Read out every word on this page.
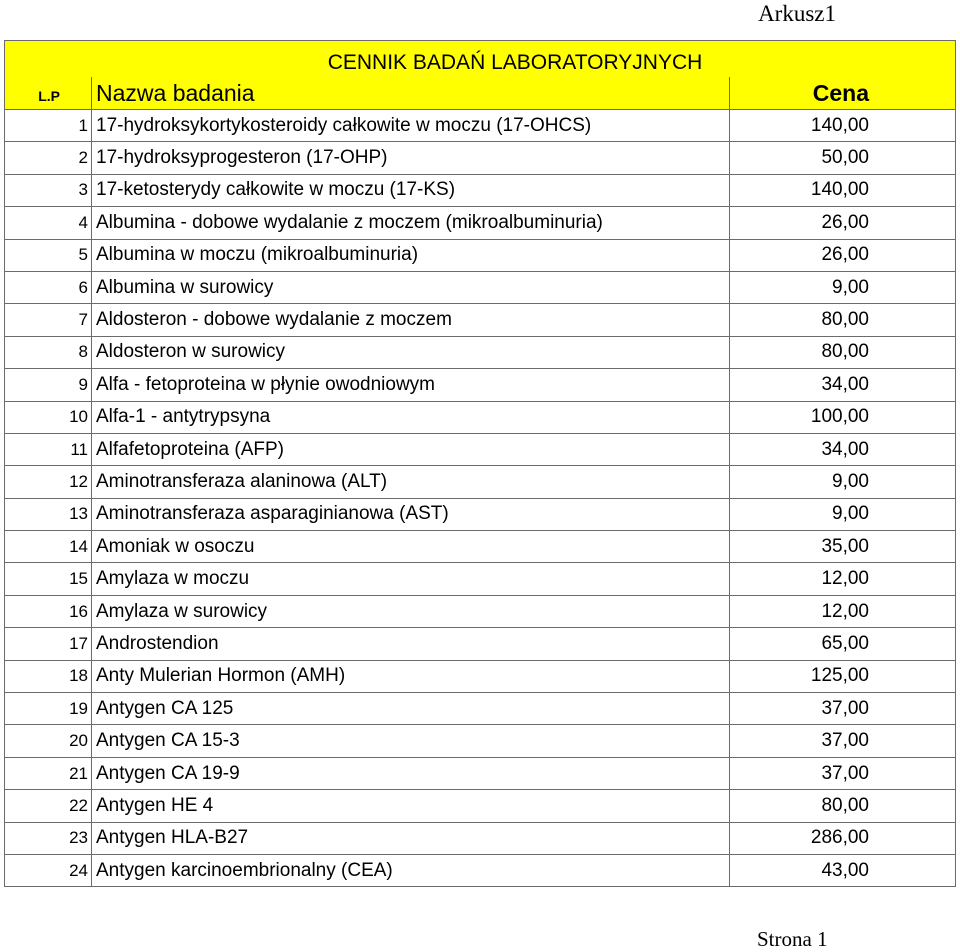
Arkusz1
CENNIK BADAŃ LABORATORYJNYCH
L.P	Nazwa badania	Cena
1 17-hydroksykortykosteroidy całkowite w moczu (17-OHCS)	140,00
2 17-hydroksyprogesteron (17-OHP)	50,00
3 17-ketosterydy całkowite w moczu (17-KS)	140,00
4 Albumina - dobowe wydalanie z moczem (mikroalbuminuria)	26,00
5 Albumina w moczu (mikroalbuminuria)	26,00
6 Albumina w surowicy	9,00
7 Aldosteron - dobowe wydalanie z moczem	80,00
8 Aldosteron w surowicy	80,00
9 Alfa - fetoproteina w płynie owodniowym	34,00
10 Alfa-1 - antytrypsyna	100,00
11 Alfafetoproteina (AFP)	34,00
12 Aminotransferaza alaninowa (ALT)	9,00
13 Aminotransferaza asparaginianowa (AST)	9,00
14 Amoniak w osoczu	35,00
15 Amylaza w moczu	12,00
16 Amylaza w surowicy	12,00
17 Androstendion	65,00
18 Anty Mulerian Hormon (AMH)	125,00
19 Antygen CA 125	37,00
20 Antygen CA 15-3	37,00
21 Antygen CA 19-9	37,00
22 Antygen HE 4	80,00
23 Antygen HLA-B27	286,00
24 Antygen karcinoembrionalny (CEA)	43,00
Strona 1
